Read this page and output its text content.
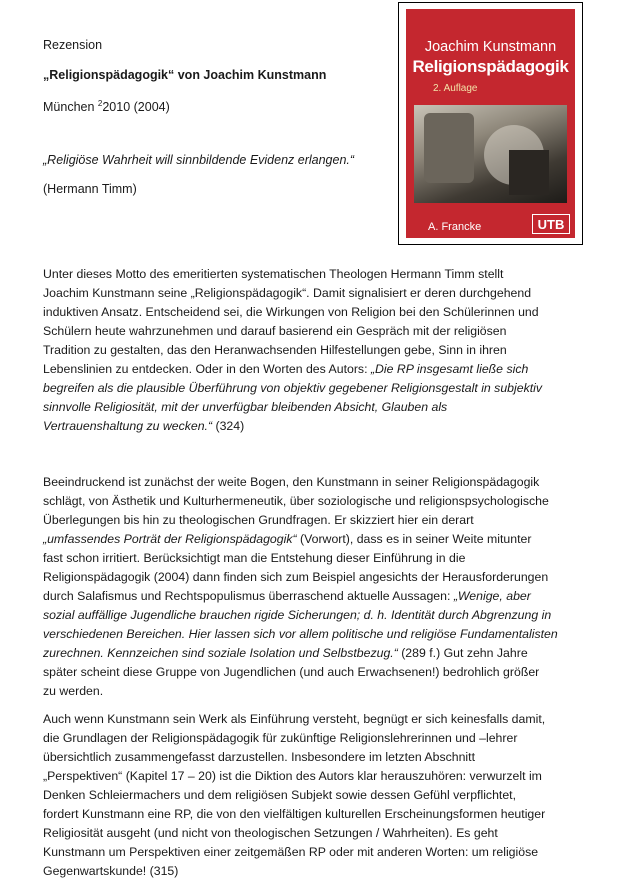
Rezension
„Religionspädagogik“ von Joachim Kunstmann
München $^2$2010 (2004)
„Religiöse Wahrheit will sinnbildende Evidenz erlangen.“
(Hermann Timm)
Unter dieses Motto des emeritierten systematischen Theologen Hermann Timm stellt
Joachim Kunstmann seine „Religionspädagogik“. Damit signalisiert er deren durchgehend
induktiven Ansatz. Entscheidend sei, die Wirkungen von Religion bei den Schülerinnen und
Schülern heute wahrzunehmen und darauf basierend ein Gespräch mit der religiösen
Tradition zu gestalten, das den Heranwachsenden Hilfestellungen gebe, Sinn in ihren
Lebenslinien zu entdecken. Oder in den Worten des Autors: „Die RP insgesamt ließe sich
begreifen als die plausible Überführung von objektiv gegebener Religionsgestalt in subjektiv
sinnvolle Religiosität, mit der unverfügbar bleibenden Absicht, Glauben als
Vertrauenshaltung zu wecken.“ (324)
Beeindruckend ist zunächst der weite Bogen, den Kunstmann in seiner Religionspädagogik
schlägt, von Ästhetik und Kulturhermeneutik, über soziologische und religionspsychologische
Überlegungen bis hin zu theologischen Grundfragen. Er skizziert hier ein derart
„umfassendes Porträt der Religionspädagogik“ (Vorwort), dass es in seiner Weite mitunter
fast schon irritiert. Berücksichtigt man die Entstehung dieser Einführung in die
Religionspädagogik (2004) dann finden sich zum Beispiel angesichts der Herausforderungen
durch Salafismus und Rechtspopulismus überraschend aktuelle Aussagen: „Wenige, aber
sozial auffällige Jugendliche brauchen rigide Sicherungen; d. h. Identität durch Abgrenzung in
verschiedenen Bereichen. Hier lassen sich vor allem politische und religiöse Fundamentalisten
zurechnen. Kennzeichen sind soziale Isolation und Selbstbezug.“ (289 f.) Gut zehn Jahre
später scheint diese Gruppe von Jugendlichen (und auch Erwachsenen!) bedrohlich größer
zu werden.
Auch wenn Kunstmann sein Werk als Einführung versteht, begnügt er sich keinesfalls damit,
die Grundlagen der Religionspädagogik für zukünftige Religionslehrerinnen und –lehrer
übersichtlich zusammengefasst darzustellen. Insbesondere im letzten Abschnitt
„Perspektiven“ (Kapitel 17 – 20) ist die Diktion des Autors klar herauszuhören: verwurzelt im
Denken Schleiermachers und dem religiösen Subjekt sowie dessen Gefühl verpflichtet,
fordert Kunstmann eine RP, die von den vielfältigen kulturellen Erscheinungsformen heutiger
Religiosität ausgeht (und nicht von theologischen Setzungen / Wahrheiten). Es geht
Kunstmann um Perspektiven einer zeitgemäßen RP oder mit anderen Worten: um religiöse
Gegenwartskunde! (315)
Joachim Kunstmann
Religionspädagogik
2. Auflage
A. Francke	UTB
